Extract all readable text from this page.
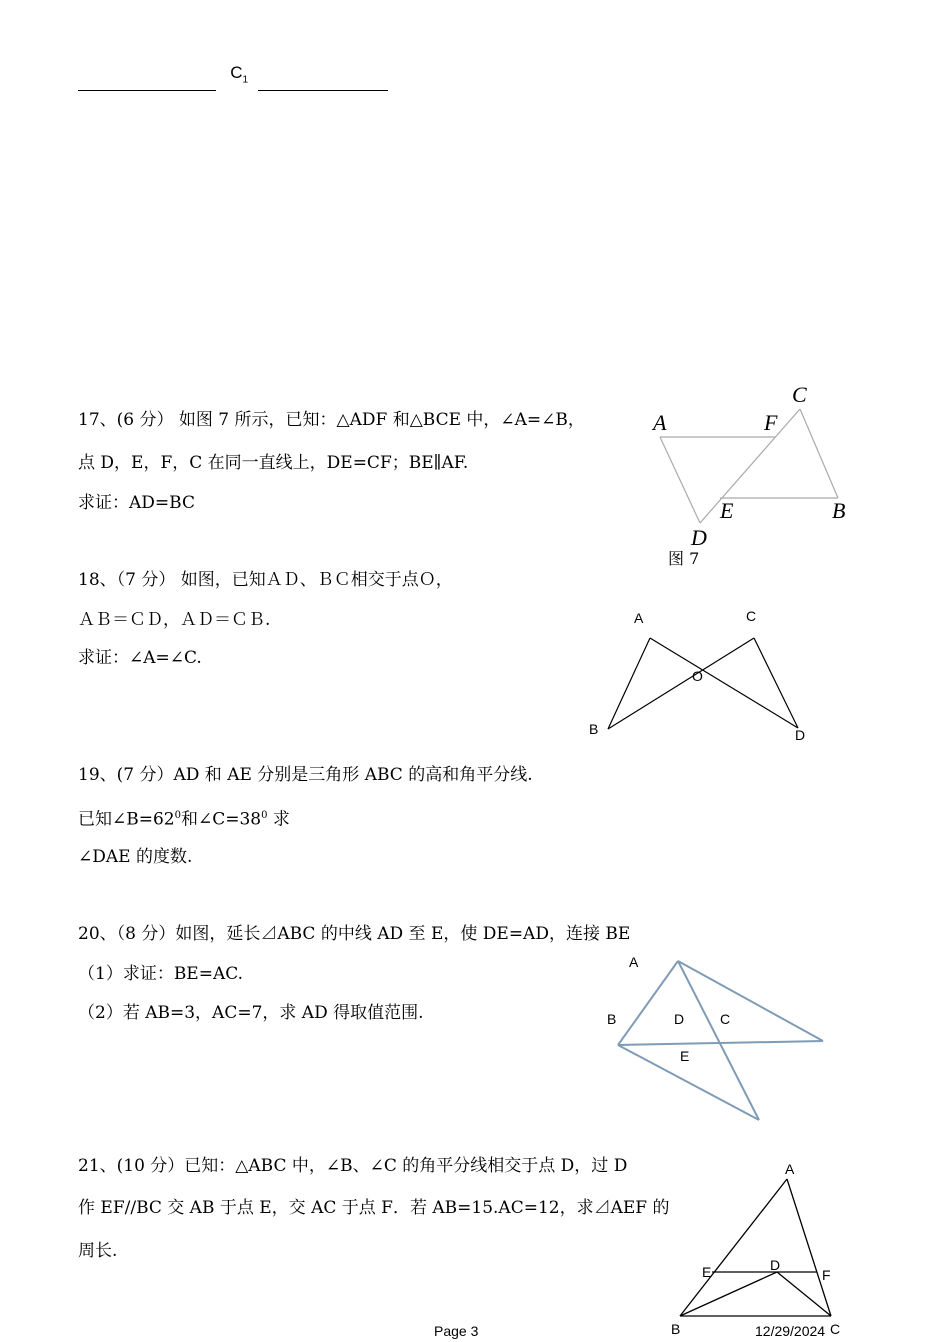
$C_1$
17、(6 分） 如图 7 所示，已知：△ADF 和△BCE 中，∠A=∠B，
点 D，E，F，C 在同一直线上，DE=CF；BE∥AF.
求证：AD=BC
A	F
C
E	B
D
图 7
18、（7 分） 如图，已知ＡＤ、ＢＣ相交于点Ｏ，
ＡＢ＝ＣＤ，ＡＤ＝ＣＢ.
求证：∠A=∠C.
A	C
O
B	D
19、(7 分）AD 和 AE 分别是三角形 ABC 的高和角平分线.
已知$\angle B=62^0$和$\angle C=38^0$ 求
∠DAE 的度数.
20、（8 分）如图，延长⊿ABC 的中线 AD 至 E，使 DE=AD，连接 BE
（1）求证：BE=AC.
（2）若 AB=3，AC=7，求 AD 得取值范围.
A
B	D	C
E
21、(10 分）已知：△ABC 中，∠B、∠C 的角平分线相交于点 D，过 D
作 EF//BC 交 AB 于点 E，交 AC 于点 F．若 AB=15.AC=12，求⊿AEF 的
周长.
A
E	D
F
B	C
Page 3	12/29/2024
